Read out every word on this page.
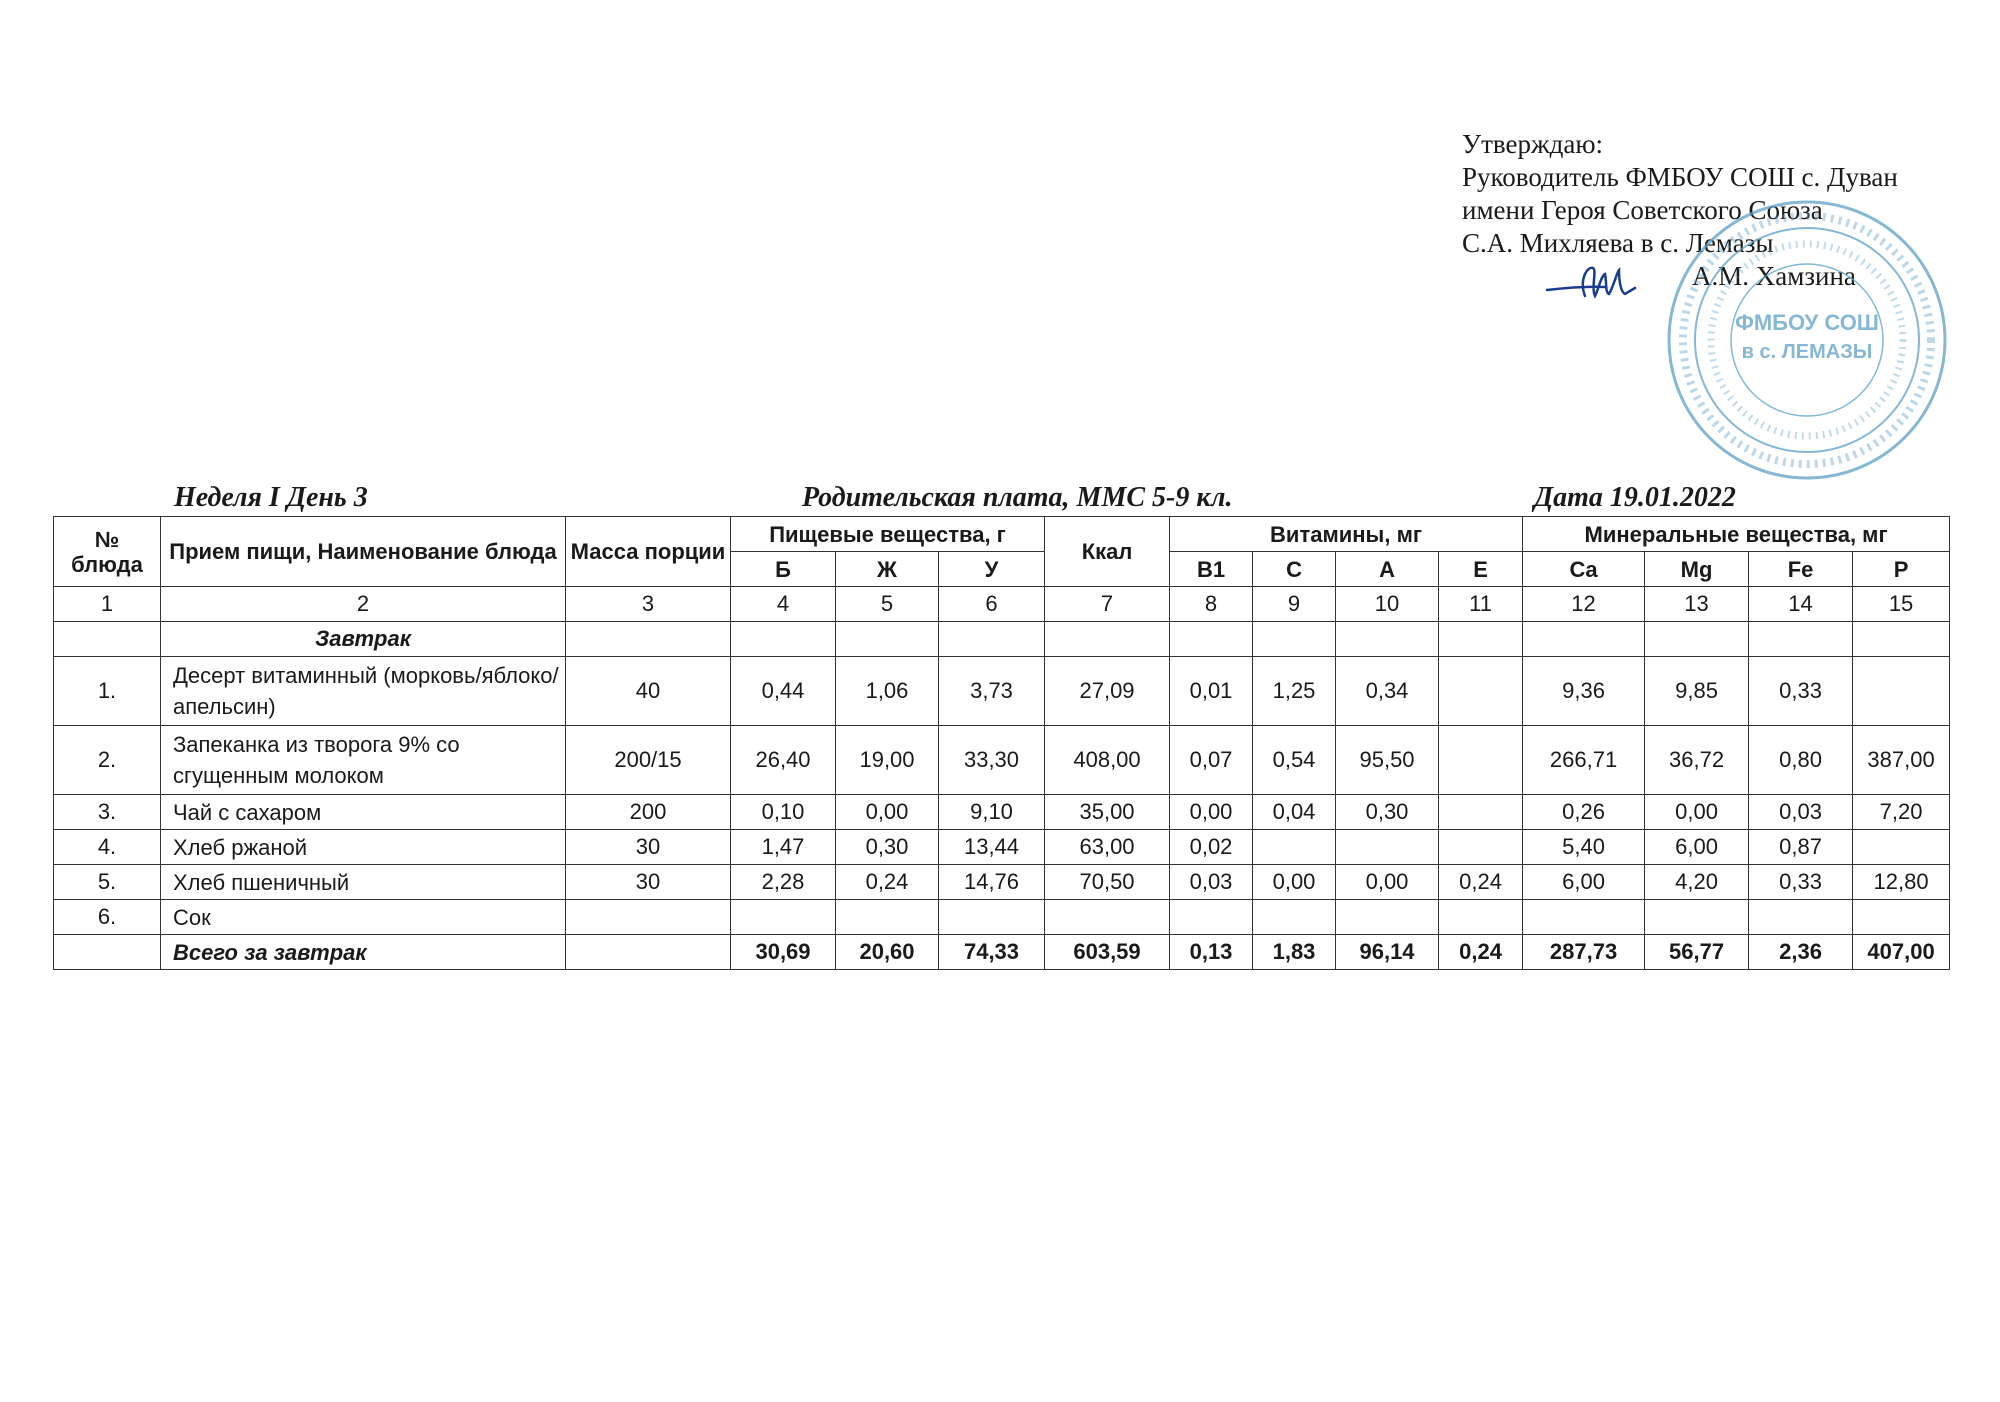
Утверждаю:
Руководитель ФМБОУ СОШ с. Дуван
имени Героя Советского Союза
С.А. Михляева в с. Лемазы
А.М. Хамзина
ФМБОУ СОШ
в с. ЛЕМАЗЫ
Неделя I День 3	Родительская плата, ММС 5-9 кл.	Дата 19.01.2022
№ блюда	Прием пищи, Наименование блюда	Масса порции	Пищевые вещества, г			Ккал	Витамины, мг				Минеральные вещества, мг			
			Б	Ж	У		B1	C	A	E	Ca	Mg	Fe	P
1	2	3	4	5	6	7	8	9	10	11	12	13	14	15
	Завтрак													
1.	Десерт витаминный (морковь/яблоко/апельсин)	40	0,44	1,06	3,73	27,09	0,01	1,25	0,34		9,36	9,85	0,33	
2.	Запеканка из творога 9% со сгущенным молоком	200/15	26,40	19,00	33,30	408,00	0,07	0,54	95,50		266,71	36,72	0,80	387,00
3.	Чай с сахаром	200	0,10	0,00	9,10	35,00	0,00	0,04	0,30		0,26	0,00	0,03	7,20
4.	Хлеб ржаной	30	1,47	0,30	13,44	63,00	0,02				5,40	6,00	0,87	
5.	Хлеб пшеничный	30	2,28	0,24	14,76	70,50	0,03	0,00	0,00	0,24	6,00	4,20	0,33	12,80
6.	Сок													
	Всего за завтрак		30,69	20,60	74,33	603,59	0,13	1,83	96,14	0,24	287,73	56,77	2,36	407,00
